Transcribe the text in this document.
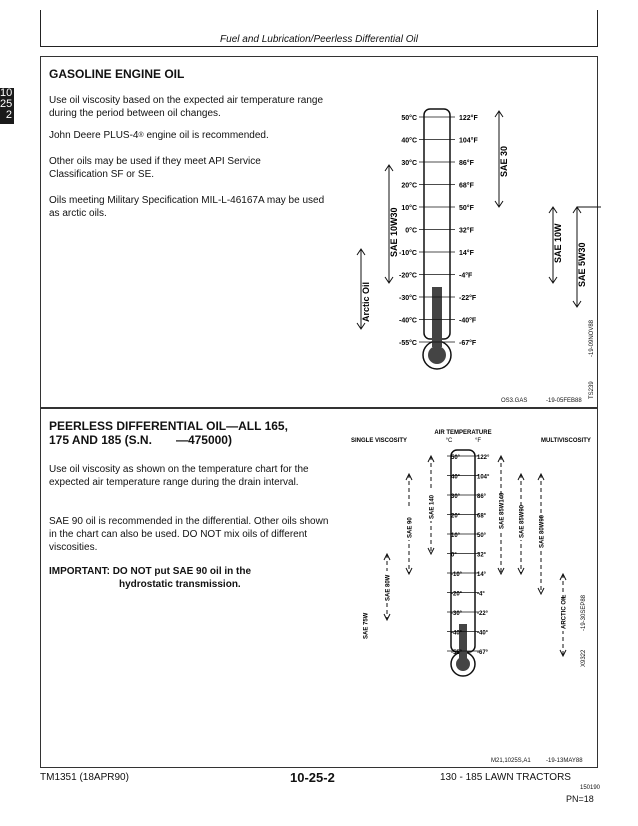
Fuel and Lubrication/Peerless Differential Oil
10
25
2
GASOLINE ENGINE OIL
Use oil viscosity based on the expected air temperature range during the period between oil changes.
John Deere PLUS-4® engine oil is recommended.
Other oils may be used if they meet API Service Classification SF or SE.
Oils meeting Military Specification MIL-L-46167A may be used as arctic oils.
50°C	122°F
40°C	104°F
30°C	86°F
20°C	68°F
10°C	50°F
0°C	32°F
-10°C	14°F
-20°C	-4°F
-30°C	-22°F
-40°C	-40°F
-55°C	-67°F
SAE 30
SAE 10W SAE 5W30
SAE 10W30
Arctic Oil
TS239
-19-09NOV88
OS3.GAS	-19-05FEB88
PEERLESS DIFFERENTIAL OIL—ALL 165,
175 AND 185 (S.N. —475000)
Use oil viscosity as shown on the temperature chart for the expected air temperature range during the drain interval.
SAE 90 oil is recommended in the differential. Other oils shown in the chart can also be used. DO NOT mix oils of different viscosities.
IMPORTANT: DO NOT put SAE 90 oil in the
hydrostatic transmission.
AIR TEMPERATURE
°C	°F
SINGLE VISCOSITY	MULTIVISCOSITY
50°	122°
40°	104°
30°	86°
20°	68°
10°	50°
0°	32°
-10° 14°
-20° -4°
-30° -22°
-40° -40°
-55° -67°
SAE 75W
SAE 80W
SAE 90
SAE 140	SAE 85W140 SAE 85W90 SAE 80W90
ARCTIC OIL
X9322
-19-30SEP88
M21,1025S,A1	-19-13MAY88
TM1351 (18APR90)	10-25-2	130 - 185 LAWN TRACTORS
150190
PN=18
